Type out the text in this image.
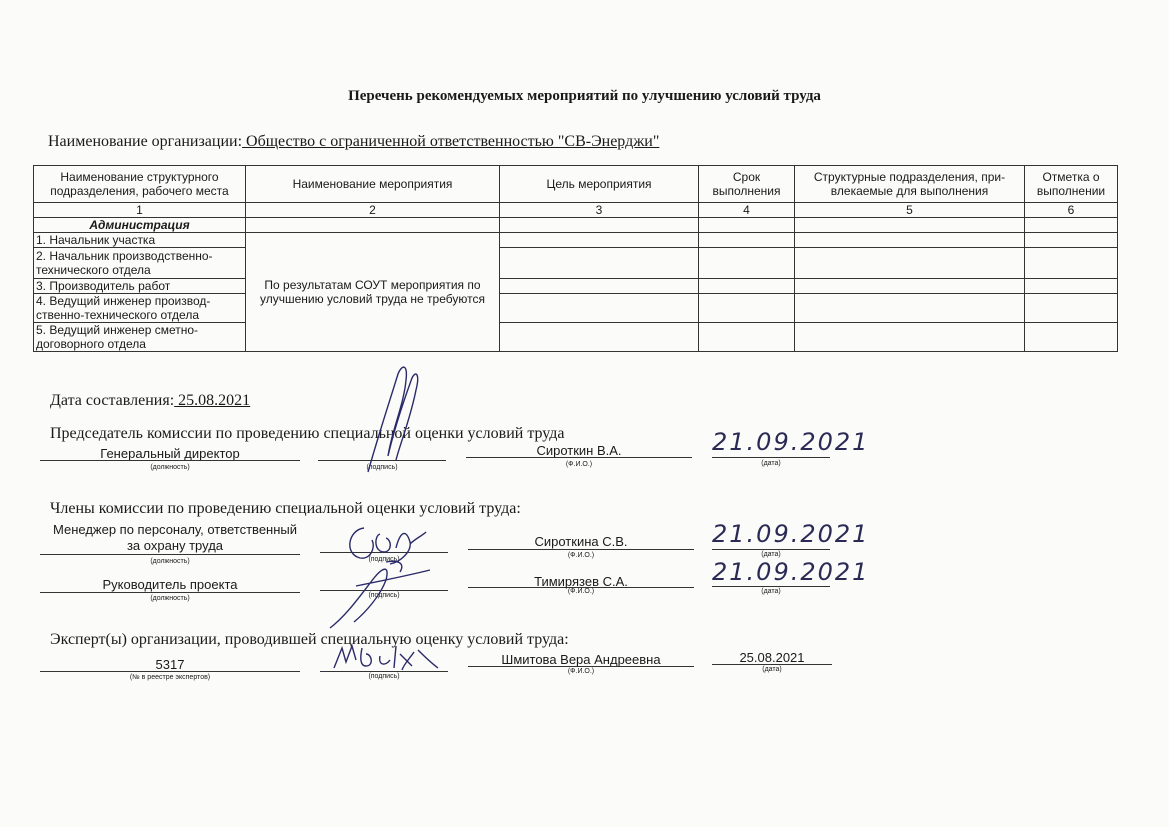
Перечень рекомендуемых мероприятий по улучшению условий труда
Наименование организации: Общество с ограниченной ответственностью "СВ-Энерджи"
Наименование структурного подразделения, рабочего места	Наименование мероприятия	Цель мероприятия	Срок выполнения	Структурные подразделения, при-влекаемые для выполнения	Отметка о выполнении
1	2	3	4	5	6
Администрация					
1. Начальник участка	По результатам СОУТ мероприятия по улучшению условий труда не требуются				
2. Начальник производственно-технического отдела					
3. Производитель работ					
4. Ведущий инженер производ-ственно-технического отдела					
5. Ведущий инженер сметно-договорного отдела					
Дата составления: 25.08.2021
Председатель комиссии по проведению специальной оценки условий труда
Генеральный директор
(должность)	(подпись)
Сироткин В.А.
(Ф.И.О.)
21.09.2021
(дата)
Члены комиссии по проведению специальной оценки условий труда:
Менеджер по персоналу, ответственный за охрану труда
(должность)	(подпись)
Сироткина С.В.
(Ф.И.О.)
21.09.2021
(дата)
Руководитель проекта
(должность)	(подпись)
Тимирязев С.А.
(Ф.И.О.)
21.09.2021
(дата)
Эксперт(ы) организации, проводившей специальную оценку условий труда:
5317
(№ в реестре экспертов)	(подпись)
Шмитова Вера Андреевна
(Ф.И.О.)
25.08.2021
(дата)
